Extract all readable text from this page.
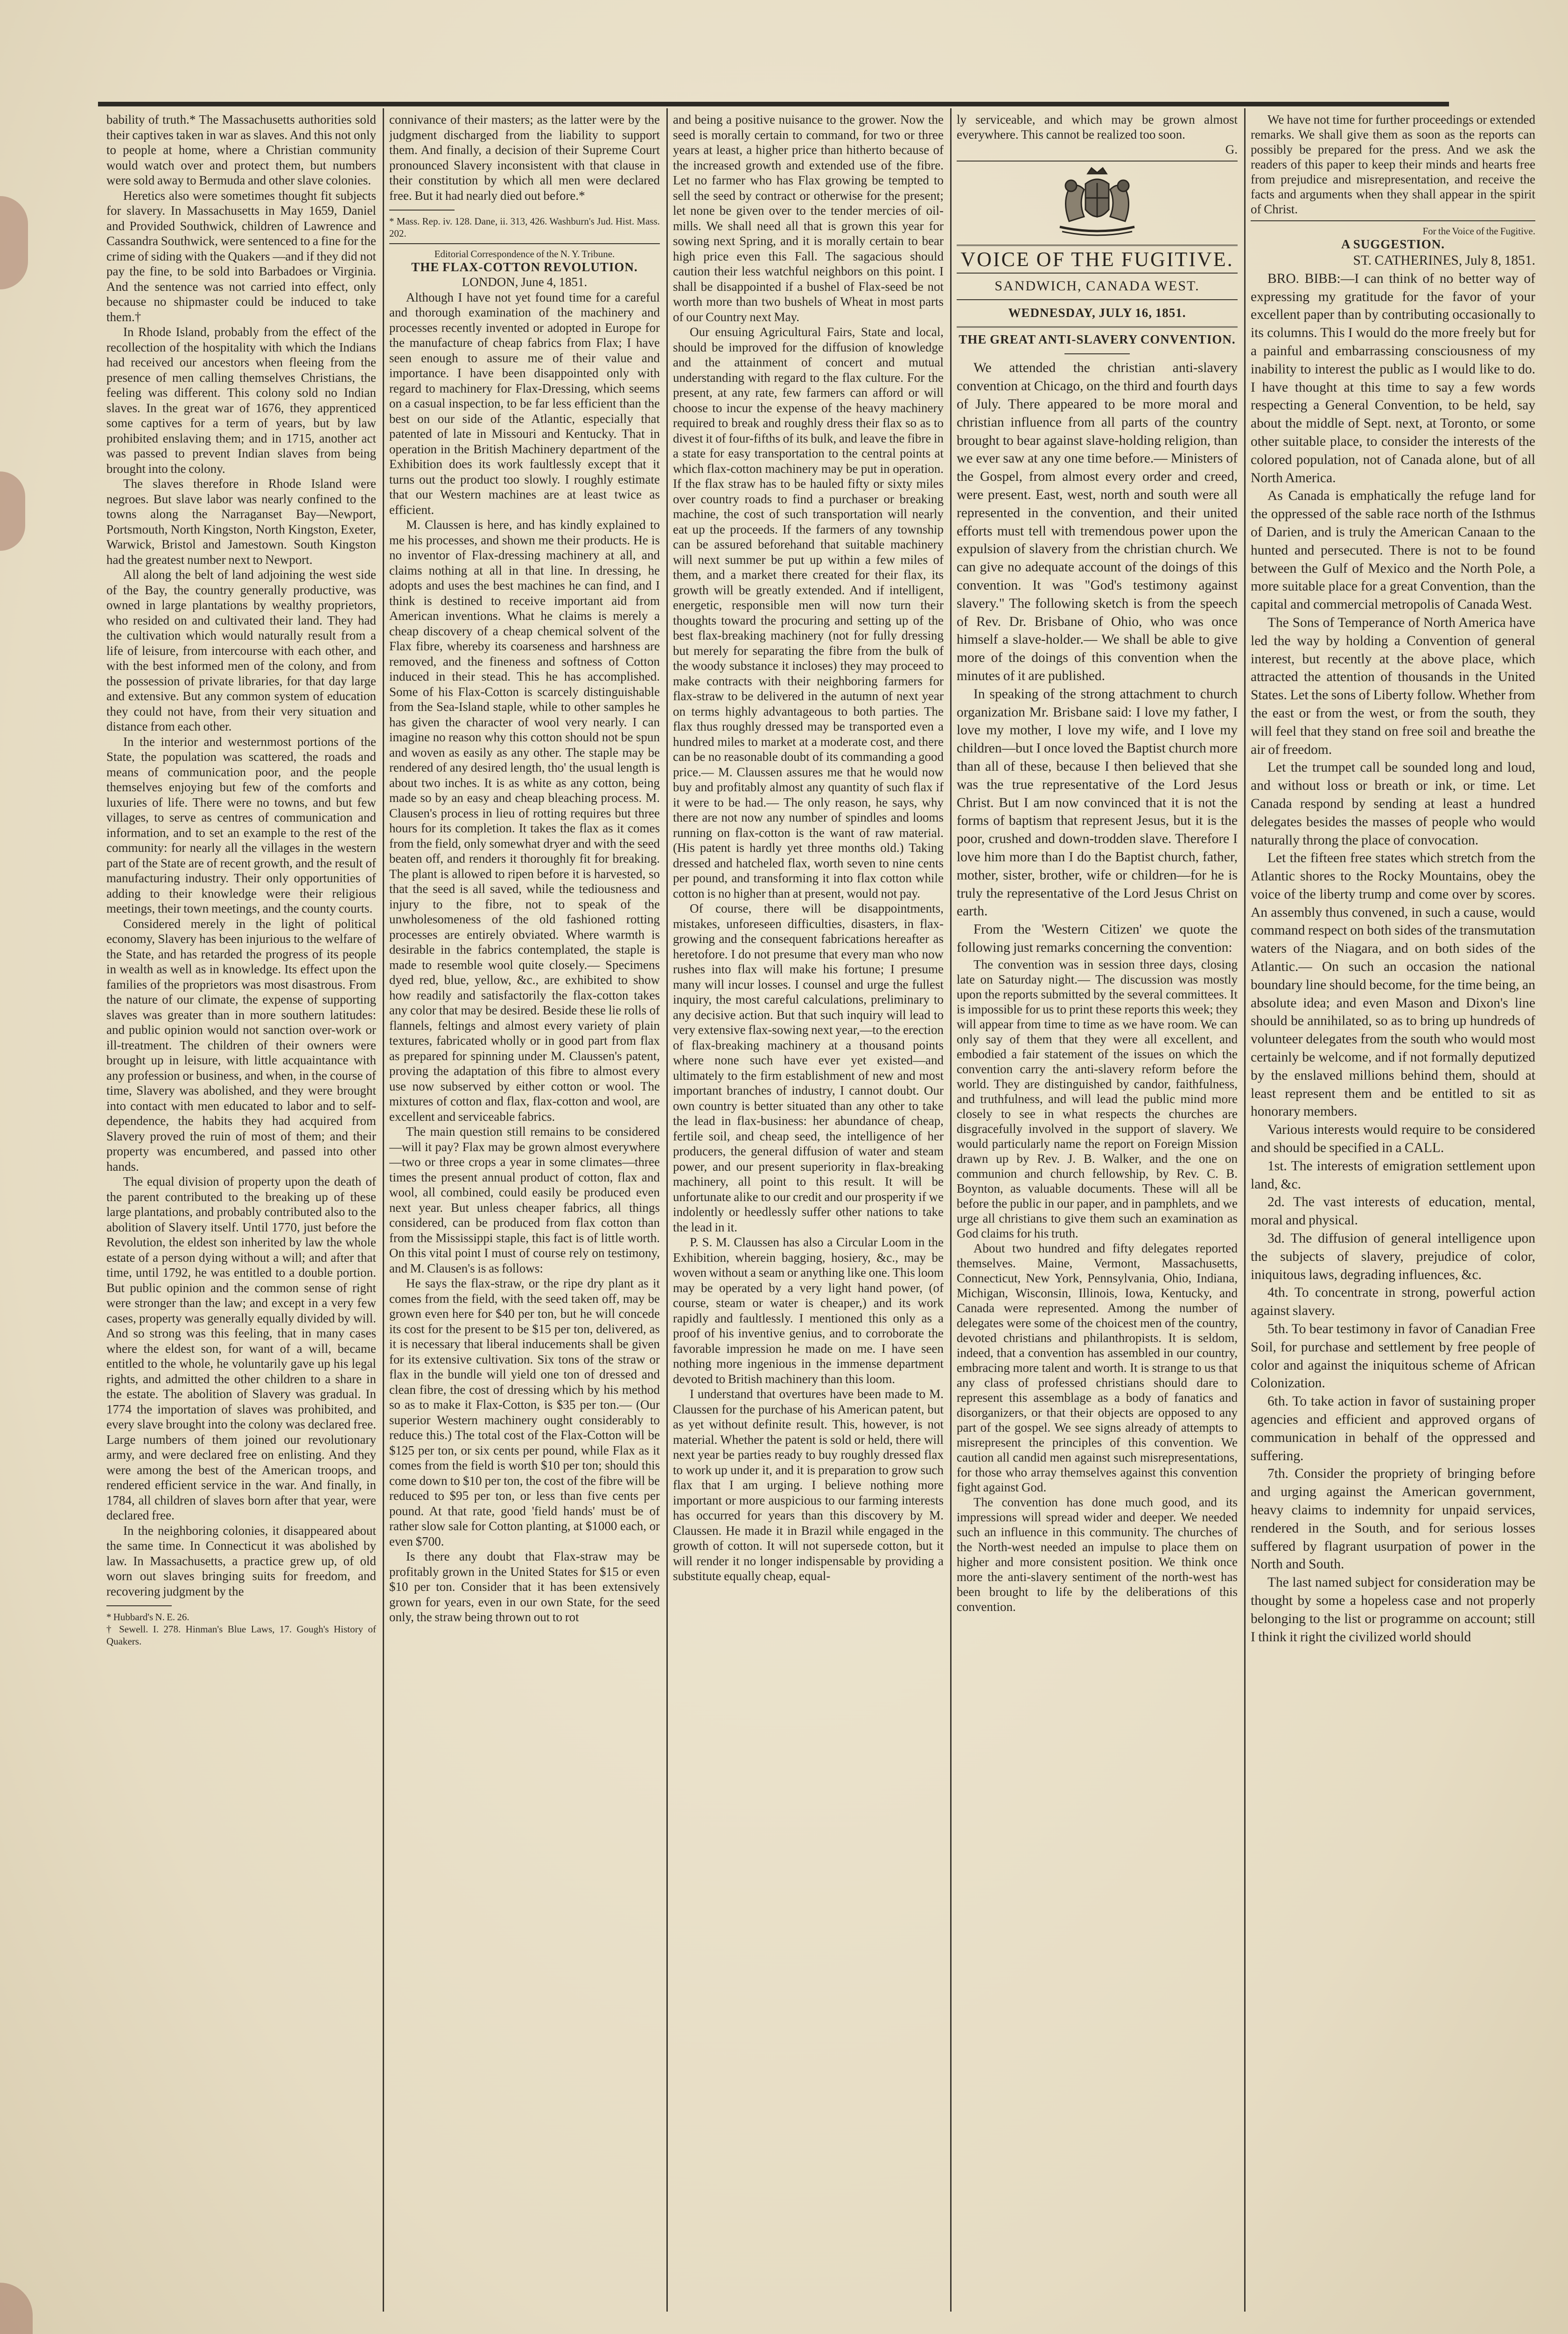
bability of truth.* The Massachusetts authorities sold their captives taken in war as slaves. And this not only to people at home, where a Christian community would watch over and protect them, but numbers were sold away to Bermuda and other slave colonies.

Heretics also were sometimes thought fit subjects for slavery. In Massachusetts in May 1659, Daniel and Provided Southwick, children of Lawrence and Cassandra Southwick, were sentenced to a fine for the crime of siding with the Quakers —and if they did not pay the fine, to be sold into Barbadoes or Virginia. And the sentence was not carried into effect, only because no shipmaster could be induced to take them.†

In Rhode Island, probably from the effect of the recollection of the hospitality with which the Indians had received our ancestors when fleeing from the presence of men calling themselves Christians, the feeling was different. This colony sold no Indian slaves. In the great war of 1676, they apprenticed some captives for a term of years, but by law prohibited enslaving them; and in 1715, another act was passed to prevent Indian slaves from being brought into the colony.

The slaves therefore in Rhode Island were negroes. But slave labor was nearly confined to the towns along the Narraganset Bay—Newport, Portsmouth, North Kingston, North Kingston, Exeter, Warwick, Bristol and Jamestown. South Kingston had the greatest number next to Newport.

All along the belt of land adjoining the west side of the Bay, the country generally productive, was owned in large plantations by wealthy proprietors, who resided on and cultivated their land. They had the cultivation which would naturally result from a life of leisure, from intercourse with each other, and with the best informed men of the colony, and from the possession of private libraries, for that day large and extensive. But any common system of education they could not have, from their very situation and distance from each other.

In the interior and westernmost portions of the State, the population was scattered, the roads and means of communication poor, and the people themselves enjoying but few of the comforts and luxuries of life. There were no towns, and but few villages, to serve as centres of communication and information, and to set an example to the rest of the community: for nearly all the villages in the western part of the State are of recent growth, and the result of manufacturing industry. Their only opportunities of adding to their knowledge were their religious meetings, their town meetings, and the county courts.

Considered merely in the light of political economy, Slavery has been injurious to the welfare of the State, and has retarded the progress of its people in wealth as well as in knowledge. Its effect upon the families of the proprietors was most disastrous. From the nature of our climate, the expense of supporting slaves was greater than in more southern latitudes: and public opinion would not sanction over-work or ill-treatment. The children of their owners were brought up in leisure, with little acquaintance with any profession or business, and when, in the course of time, Slavery was abolished, and they were brought into contact with men educated to labor and to self-dependence, the habits they had acquired from Slavery proved the ruin of most of them; and their property was encumbered, and passed into other hands.

The equal division of property upon the death of the parent contributed to the breaking up of these large plantations, and probably contributed also to the abolition of Slavery itself. Until 1770, just before the Revolution, the eldest son inherited by law the whole estate of a person dying without a will; and after that time, until 1792, he was entitled to a double portion. But public opinion and the common sense of right were stronger than the law; and except in a very few cases, property was generally equally divided by will. And so strong was this feeling, that in many cases where the eldest son, for want of a will, became entitled to the whole, he voluntarily gave up his legal rights, and admitted the other children to a share in the estate. The abolition of Slavery was gradual. In 1774 the importation of slaves was prohibited, and every slave brought into the colony was declared free. Large numbers of them joined our revolutionary army, and were declared free on enlisting. And they were among the best of the American troops, and rendered efficient service in the war. And finally, in 1784, all children of slaves born after that year, were declared free.

In the neighboring colonies, it disappeared about the same time. In Connecticut it was abolished by law. In Massachusetts, a practice grew up, of old worn out slaves bringing suits for freedom, and recovering judgment by the

* Hubbard's N. E. 26.

† Sewell. I. 278. Hinman's Blue Laws, 17. Gough's History of Quakers.

connivance of their masters; as the latter were by the judgment discharged from the liability to support them. And finally, a decision of their Supreme Court pronounced Slavery inconsistent with that clause in their constitution by which all men were declared free. But it had nearly died out before.*

* Mass. Rep. iv. 128. Dane, ii. 313, 426. Washburn's Jud. Hist. Mass. 202.

Editorial Correspondence of the N. Y. Tribune.

THE FLAX-COTTON REVOLUTION.

LONDON, June 4, 1851.

Although I have not yet found time for a careful and thorough examination of the machinery and processes recently invented or adopted in Europe for the manufacture of cheap fabrics from Flax; I have seen enough to assure me of their value and importance. I have been disappointed only with regard to machinery for Flax-Dressing, which seems on a casual inspection, to be far less efficient than the best on our side of the Atlantic, especially that patented of late in Missouri and Kentucky. That in operation in the British Machinery department of the Exhibition does its work faultlessly except that it turns out the product too slowly. I roughly estimate that our Western machines are at least twice as efficient.

M. Claussen is here, and has kindly explained to me his processes, and shown me their products. He is no inventor of Flax-dressing machinery at all, and claims nothing at all in that line. In dressing, he adopts and uses the best machines he can find, and I think is destined to receive important aid from American inventions. What he claims is merely a cheap discovery of a cheap chemical solvent of the Flax fibre, whereby its coarseness and harshness are removed, and the fineness and softness of Cotton induced in their stead. This he has accomplished. Some of his Flax-Cotton is scarcely distinguishable from the Sea-Island staple, while to other samples he has given the character of wool very nearly. I can imagine no reason why this cotton should not be spun and woven as easily as any other. The staple may be rendered of any desired length, tho' the usual length is about two inches. It is as white as any cotton, being made so by an easy and cheap bleaching process. M. Clausen's process in lieu of rotting requires but three hours for its completion. It takes the flax as it comes from the field, only somewhat dryer and with the seed beaten off, and renders it thoroughly fit for breaking. The plant is allowed to ripen before it is harvested, so that the seed is all saved, while the tediousness and injury to the fibre, not to speak of the unwholesomeness of the old fashioned rotting processes are entirely obviated. Where warmth is desirable in the fabrics contemplated, the staple is made to resemble wool quite closely.— Specimens dyed red, blue, yellow, &c., are exhibited to show how readily and satisfactorily the flax-cotton takes any color that may be desired. Beside these lie rolls of flannels, feltings and almost every variety of plain textures, fabricated wholly or in good part from flax as prepared for spinning under M. Claussen's patent, proving the adaptation of this fibre to almost every use now subserved by either cotton or wool. The mixtures of cotton and flax, flax-cotton and wool, are excellent and serviceable fabrics.

The main question still remains to be considered—will it pay? Flax may be grown almost everywhere—two or three crops a year in some climates—three times the present annual product of cotton, flax and wool, all combined, could easily be produced even next year. But unless cheaper fabrics, all things considered, can be produced from flax cotton than from the Mississippi staple, this fact is of little worth. On this vital point I must of course rely on testimony, and M. Clausen's is as follows:

He says the flax-straw, or the ripe dry plant as it comes from the field, with the seed taken off, may be grown even here for $40 per ton, but he will concede its cost for the present to be $15 per ton, delivered, as it is necessary that liberal inducements shall be given for its extensive cultivation. Six tons of the straw or flax in the bundle will yield one ton of dressed and clean fibre, the cost of dressing which by his method so as to make it Flax-Cotton, is $35 per ton.— (Our superior Western machinery ought considerably to reduce this.) The total cost of the Flax-Cotton will be $125 per ton, or six cents per pound, while Flax as it comes from the field is worth $10 per ton; should this come down to $10 per ton, the cost of the fibre will be reduced to $95 per ton, or less than five cents per pound. At that rate, good 'field hands' must be of rather slow sale for Cotton planting, at $1000 each, or even $700.

Is there any doubt that Flax-straw may be profitably grown in the United States for $15 or even $10 per ton. Consider that it has been extensively grown for years, even in our own State, for the seed only, the straw being thrown out to rot

and being a positive nuisance to the grower. Now the seed is morally certain to command, for two or three years at least, a higher price than hitherto because of the increased growth and extended use of the fibre. Let no farmer who has Flax growing be tempted to sell the seed by contract or otherwise for the present; let none be given over to the tender mercies of oil-mills. We shall need all that is grown this year for sowing next Spring, and it is morally certain to bear high price even this Fall. The sagacious should caution their less watchful neighbors on this point. I shall be disappointed if a bushel of Flax-seed be not worth more than two bushels of Wheat in most parts of our Country next May.

Our ensuing Agricultural Fairs, State and local, should be improved for the diffusion of knowledge and the attainment of concert and mutual understanding with regard to the flax culture. For the present, at any rate, few farmers can afford or will choose to incur the expense of the heavy machinery required to break and roughly dress their flax so as to divest it of four-fifths of its bulk, and leave the fibre in a state for easy transportation to the central points at which flax-cotton machinery may be put in operation. If the flax straw has to be hauled fifty or sixty miles over country roads to find a purchaser or breaking machine, the cost of such transportation will nearly eat up the proceeds. If the farmers of any township can be assured beforehand that suitable machinery will next summer be put up within a few miles of them, and a market there created for their flax, its growth will be greatly extended. And if intelligent, energetic, responsible men will now turn their thoughts toward the procuring and setting up of the best flax-breaking machinery (not for fully dressing but merely for separating the fibre from the bulk of the woody substance it incloses) they may proceed to make contracts with their neighboring farmers for flax-straw to be delivered in the autumn of next year on terms highly advantageous to both parties. The flax thus roughly dressed may be transported even a hundred miles to market at a moderate cost, and there can be no reasonable doubt of its commanding a good price.— M. Claussen assures me that he would now buy and profitably almost any quantity of such flax if it were to be had.— The only reason, he says, why there are not now any number of spindles and looms running on flax-cotton is the want of raw material. (His patent is hardly yet three months old.) Taking dressed and hatcheled flax, worth seven to nine cents per pound, and transforming it into flax cotton while cotton is no higher than at present, would not pay.

Of course, there will be disappointments, mistakes, unforeseen difficulties, disasters, in flax-growing and the consequent fabrications hereafter as heretofore. I do not presume that every man who now rushes into flax will make his fortune; I presume many will incur losses. I counsel and urge the fullest inquiry, the most careful calculations, preliminary to any decisive action. But that such inquiry will lead to very extensive flax-sowing next year,—to the erection of flax-breaking machinery at a thousand points where none such have ever yet existed—and ultimately to the firm establishment of new and most important branches of industry, I cannot doubt. Our own country is better situated than any other to take the lead in flax-business: her abundance of cheap, fertile soil, and cheap seed, the intelligence of her producers, the general diffusion of water and steam power, and our present superiority in flax-breaking machinery, all point to this result. It will be unfortunate alike to our credit and our prosperity if we indolently or heedlessly suffer other nations to take the lead in it.

P. S. M. Claussen has also a Circular Loom in the Exhibition, wherein bagging, hosiery, &c., may be woven without a seam or anything like one. This loom may be operated by a very light hand power, (of course, steam or water is cheaper,) and its work rapidly and faultlessly. I mentioned this only as a proof of his inventive genius, and to corroborate the favorable impression he made on me. I have seen nothing more ingenious in the immense department devoted to British machinery than this loom.

I understand that overtures have been made to M. Claussen for the purchase of his American patent, but as yet without definite result. This, however, is not material. Whether the patent is sold or held, there will next year be parties ready to buy roughly dressed flax to work up under it, and it is preparation to grow such flax that I am urging. I believe nothing more important or more auspicious to our farming interests has occurred for years than this discovery by M. Claussen. He made it in Brazil while engaged in the growth of cotton. It will not supersede cotton, but it will render it no longer indispensable by providing a substitute equally cheap, equal-

ly serviceable, and which may be grown almost everywhere. This cannot be realized too soon.

G.

VOICE OF THE FUGITIVE.
SANDWICH, CANADA WEST.
WEDNESDAY, JULY 16, 1851.

THE GREAT ANTI-SLAVERY CONVENTION.

We attended the christian anti-slavery convention at Chicago, on the third and fourth days of July. There appeared to be more moral and christian influence from all parts of the country brought to bear against slave-holding religion, than we ever saw at any one time before.— Ministers of the Gospel, from almost every order and creed, were present. East, west, north and south were all represented in the convention, and their united efforts must tell with tremendous power upon the expulsion of slavery from the christian church. We can give no adequate account of the doings of this convention. It was "God's testimony against slavery." The following sketch is from the speech of Rev. Dr. Brisbane of Ohio, who was once himself a slave-holder.— We shall be able to give more of the doings of this convention when the minutes of it are published.

In speaking of the strong attachment to church organization Mr. Brisbane said: I love my father, I love my mother, I love my wife, and I love my children—but I once loved the Baptist church more than all of these, because I then believed that she was the true representative of the Lord Jesus Christ. But I am now convinced that it is not the forms of baptism that represent Jesus, but it is the poor, crushed and down-trodden slave. Therefore I love him more than I do the Baptist church, father, mother, sister, brother, wife or children—for he is truly the representative of the Lord Jesus Christ on earth.

From the 'Western Citizen' we quote the following just remarks concerning the convention:

The convention was in session three days, closing late on Saturday night.— The discussion was mostly upon the reports submitted by the several committees. It is impossible for us to print these reports this week; they will appear from time to time as we have room. We can only say of them that they were all excellent, and embodied a fair statement of the issues on which the convention carry the anti-slavery reform before the world. They are distinguished by candor, faithfulness, and truthfulness, and will lead the public mind more closely to see in what respects the churches are disgracefully involved in the support of slavery. We would particularly name the report on Foreign Mission drawn up by Rev. J. B. Walker, and the one on communion and church fellowship, by Rev. C. B. Boynton, as valuable documents. These will all be before the public in our paper, and in pamphlets, and we urge all christians to give them such an examination as God claims for his truth.

About two hundred and fifty delegates reported themselves. Maine, Vermont, Massachusetts, Connecticut, New York, Pennsylvania, Ohio, Indiana, Michigan, Wisconsin, Illinois, Iowa, Kentucky, and Canada were represented. Among the number of delegates were some of the choicest men of the country, devoted christians and philanthropists. It is seldom, indeed, that a convention has assembled in our country, embracing more talent and worth. It is strange to us that any class of professed christians should dare to represent this assemblage as a body of fanatics and disorganizers, or that their objects are opposed to any part of the gospel. We see signs already of attempts to misrepresent the principles of this convention. We caution all candid men against such misrepresentations, for those who array themselves against this convention fight against God.

The convention has done much good, and its impressions will spread wider and deeper. We needed such an influence in this community. The churches of the North-west needed an impulse to place them on higher and more consistent position. We think once more the anti-slavery sentiment of the north-west has been brought to life by the deliberations of this convention.

We have not time for further proceedings or extended remarks. We shall give them as soon as the reports can possibly be prepared for the press. And we ask the readers of this paper to keep their minds and hearts free from prejudice and misrepresentation, and receive the facts and arguments when they shall appear in the spirit of Christ.

For the Voice of the Fugitive.

A SUGGESTION.

ST. CATHERINES, July 8, 1851.

BRO. BIBB:—I can think of no better way of expressing my gratitude for the favor of your excellent paper than by contributing occasionally to its columns. This I would do the more freely but for a painful and embarrassing consciousness of my inability to interest the public as I would like to do. I have thought at this time to say a few words respecting a General Convention, to be held, say about the middle of Sept. next, at Toronto, or some other suitable place, to consider the interests of the colored population, not of Canada alone, but of all North America.

As Canada is emphatically the refuge land for the oppressed of the sable race north of the Isthmus of Darien, and is truly the American Canaan to the hunted and persecuted. There is not to be found between the Gulf of Mexico and the North Pole, a more suitable place for a great Convention, than the capital and commercial metropolis of Canada West.

The Sons of Temperance of North America have led the way by holding a Convention of general interest, but recently at the above place, which attracted the attention of thousands in the United States. Let the sons of Liberty follow. Whether from the east or from the west, or from the south, they will feel that they stand on free soil and breathe the air of freedom.

Let the trumpet call be sounded long and loud, and without loss or breath or ink, or time. Let Canada respond by sending at least a hundred delegates besides the masses of people who would naturally throng the place of convocation.

Let the fifteen free states which stretch from the Atlantic shores to the Rocky Mountains, obey the voice of the liberty trump and come over by scores. An assembly thus convened, in such a cause, would command respect on both sides of the transmutation waters of the Niagara, and on both sides of the Atlantic.— On such an occasion the national boundary line should become, for the time being, an absolute idea; and even Mason and Dixon's line should be annihilated, so as to bring up hundreds of volunteer delegates from the south who would most certainly be welcome, and if not formally deputized by the enslaved millions behind them, should at least represent them and be entitled to sit as honorary members.

Various interests would require to be considered and should be specified in a CALL.

1st. The interests of emigration settlement upon land, &c.

2d. The vast interests of education, mental, moral and physical.

3d. The diffusion of general intelligence upon the subjects of slavery, prejudice of color, iniquitous laws, degrading influences, &c.

4th. To concentrate in strong, powerful action against slavery.

5th. To bear testimony in favor of Canadian Free Soil, for purchase and settlement by free people of color and against the iniquitous scheme of African Colonization.

6th. To take action in favor of sustaining proper agencies and efficient and approved organs of communication in behalf of the oppressed and suffering.

7th. Consider the propriety of bringing before and urging against the American government, heavy claims to indemnity for unpaid services, rendered in the South, and for serious losses suffered by flagrant usurpation of power in the North and South.

The last named subject for consideration may be thought by some a hopeless case and not properly belonging to the list or programme on account; still I think it right the civilized world should
